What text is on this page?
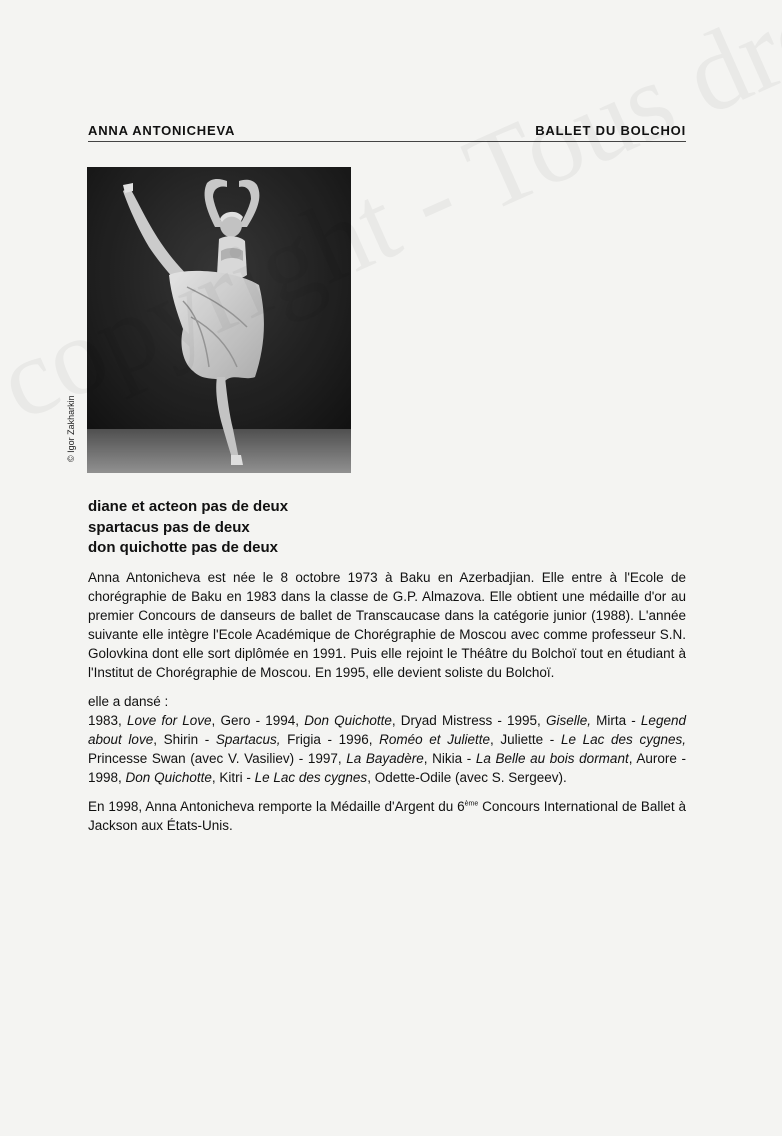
ANNA ANTONICHEVA	BALLET DU BOLCHOI
© Igor Zakharkin
diane et acteon pas de deux
spartacus pas de deux
don quichotte pas de deux

Anna Antonicheva est née le 8 octobre 1973 à Baku en Azerbadjian. Elle entre à l'Ecole de chorégraphie de Baku en 1983 dans la classe de G.P. Almazova. Elle obtient une médaille d'or au premier Concours de danseurs de ballet de Transcaucase dans la catégorie junior (1988). L'année suivante elle intègre l'Ecole Académique de Chorégraphie de Moscou avec comme professeur S.N. Golovkina dont elle sort diplômée en 1991. Puis elle rejoint le Théâtre du Bolchoï tout en étudiant à l'Institut de Chorégraphie de Moscou. En 1995, elle devient soliste du Bolchoï.

elle a dansé :

1983, Love for Love, Gero - 1994, Don Quichotte, Dryad Mistress - 1995, Giselle, Mirta - Legend about love, Shirin - Spartacus, Frigia - 1996, Roméo et Juliette, Juliette - Le Lac des cygnes, Princesse Swan (avec V. Vasiliev) - 1997, La Bayadère, Nikia - La Belle au bois dormant, Aurore - 1998, Don Quichotte, Kitri - Le Lac des cygnes, Odette-Odile (avec S. Sergeev).

En 1998, Anna Antonicheva remporte la Médaille d'Argent du 6ème Concours International de Ballet à Jackson aux États-Unis.
